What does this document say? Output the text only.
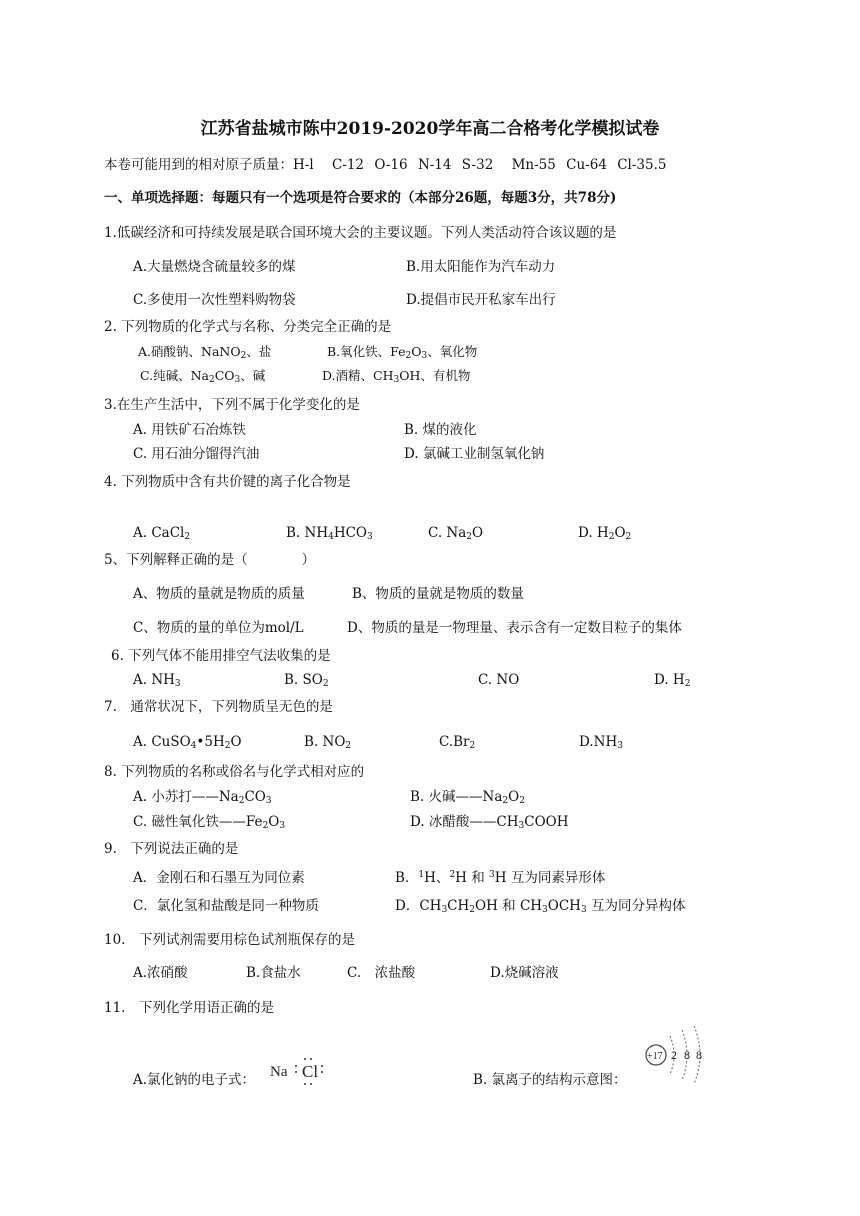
江苏省盐城市陈中2019-2020学年高二合格考化学模拟试卷
本卷可能用到的相对原子质量：H-l C-12 O-16 N-14 S-32 Mn-55 Cu-64 Cl-35.5
一、单项选择题：每题只有一个选项是符合要求的（本部分26题，每题3分，共78分)
1.低碳经济和可持续发展是联合国环境大会的主要议题。下列人类活动符合该议题的是
A.大量燃烧含硫量较多的煤	B.用太阳能作为汽车动力
C.多使用一次性塑料购物袋	D.提倡市民开私家车出行
2. 下列物质的化学式与名称、分类完全正确的是
A.硝酸钠、NaNO$_2$、盐	B.氧化铁、$Fe_2O_3$、氧化物
C.纯碱、$Na_2CO_3$、碱	D.酒精、$CH_3OH$、有机物
3.在生产生活中，下列不属于化学变化的是
A. 用铁矿石冶炼铁	B. 煤的液化
C. 用石油分馏得汽油	D. 氯碱工业制氢氧化钠
4. 下列物质中含有共价键的离子化合物是
A. CaCl$_2$	B. $NH_4HCO_3$	C. $Na_2O$	D. $H_2O_2$
5、下列解释正确的是（　　　　）
A、物质的量就是物质的质量	B、物质的量就是物质的数量
C、物质的量的单位为mol/L	D、物质的量是一物理量、表示含有一定数目粒子的集体
6. 下列气体不能用排空气法收集的是
A. $NH_3$	B. $SO_2$	C. NO	D. $H_2$
7.　通常状况下，下列物质呈无色的是
A. $CuSO_4•5H_2O$	B. $NO_2$	$C.Br_2$	$D.NH_3$
8. 下列物质的名称或俗名与化学式相对应的
A. 小苏打$——Na_2CO_3$	B. 火碱$——Na_2O_2$
C. 磁性氧化铁$——Fe_2O_3$	D. 冰醋酸$——CH_3COOH$
9.　下列说法正确的是
A．金刚石和石墨互为同位素	B．$^1$H、$^2$H 和 $^3$H 互为同素异形体
C．氯化氢和盐酸是同一种物质	D．$CH_3CH_2OH$ 和 $CH_3OCH_3$ 互为同分异构体
10.　下列试剂需要用棕色试剂瓶保存的是
A.浓硝酸	B.食盐水	C.　浓盐酸	D.烧碱溶液
11.　下列化学用语正确的是
A.氯化钠的电子式： Na Cl	B. 氯离子的结构示意图：
+17 2 8 8
